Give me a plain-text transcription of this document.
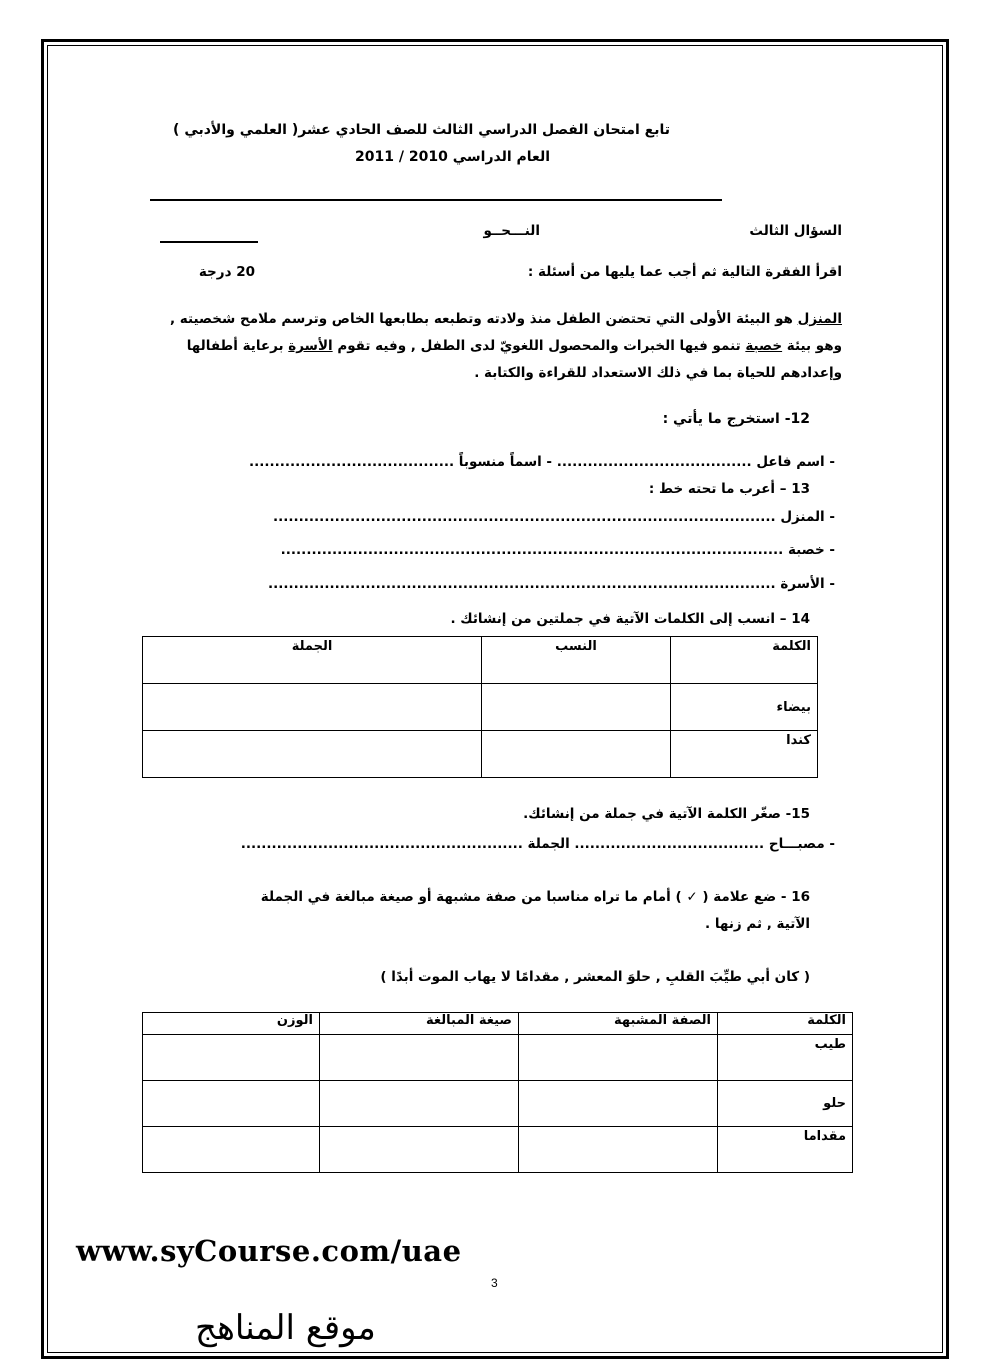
تابع امتحان الفصل الدراسي الثالث للصف الحادي عشر( العلمي والأدبي )
العام الدراسي 2010 / 2011
السؤال الثالث
النـــحــو
اقرأ الفقرة التالية ثم أجب عما يليها من أسئلة :
20 درجة
المنزل هو البيئة الأولى التي تحتضن الطفل منذ ولادته وتطبعه بطابعها الخاص وترسم ملامح شخصيته ,
وهو بيئة خصبة تنمو فيها الخبرات والمحصول اللغويّ لدى الطفل , وفيه تقوم الأسرة برعاية أطفالها
وإعدادهم للحياة بما في ذلك الاستعداد للقراءة والكتابة .
12- استخرج ما يأتي :
- اسم فاعل ...................................... - اسماً منسوباً ........................................
13 – أعرب ما تحته خط :
- المنزل ..................................................................................................
- خصبة ..................................................................................................
- الأسرة ...................................................................................................
14 – انسب إلى الكلمات الآتية في جملتين من إنشائك .
الكلمة	النسب	الجملة
بيضاء		
كندا		
15- صغّر الكلمة الآتية في جملة من إنشائك.
- مصبـــاح ..................................... الجملة .......................................................
16 - ضع علامة ( ✓ ) أمام ما تراه مناسبا من صفة مشبهة أو صيغة مبالغة في الجملة
الآتية , ثم زنها .
( كان أبي طيِّبَ القلبِ , حلوَ المعشر , مقدامًا لا يهاب الموت أبدًا )
الكلمة	الصفة المشبهة	صيغة المبالغة	الوزن
طيب			
حلو			
مقداما			
www.syCourse.com/uae
3
موقع المناهج
